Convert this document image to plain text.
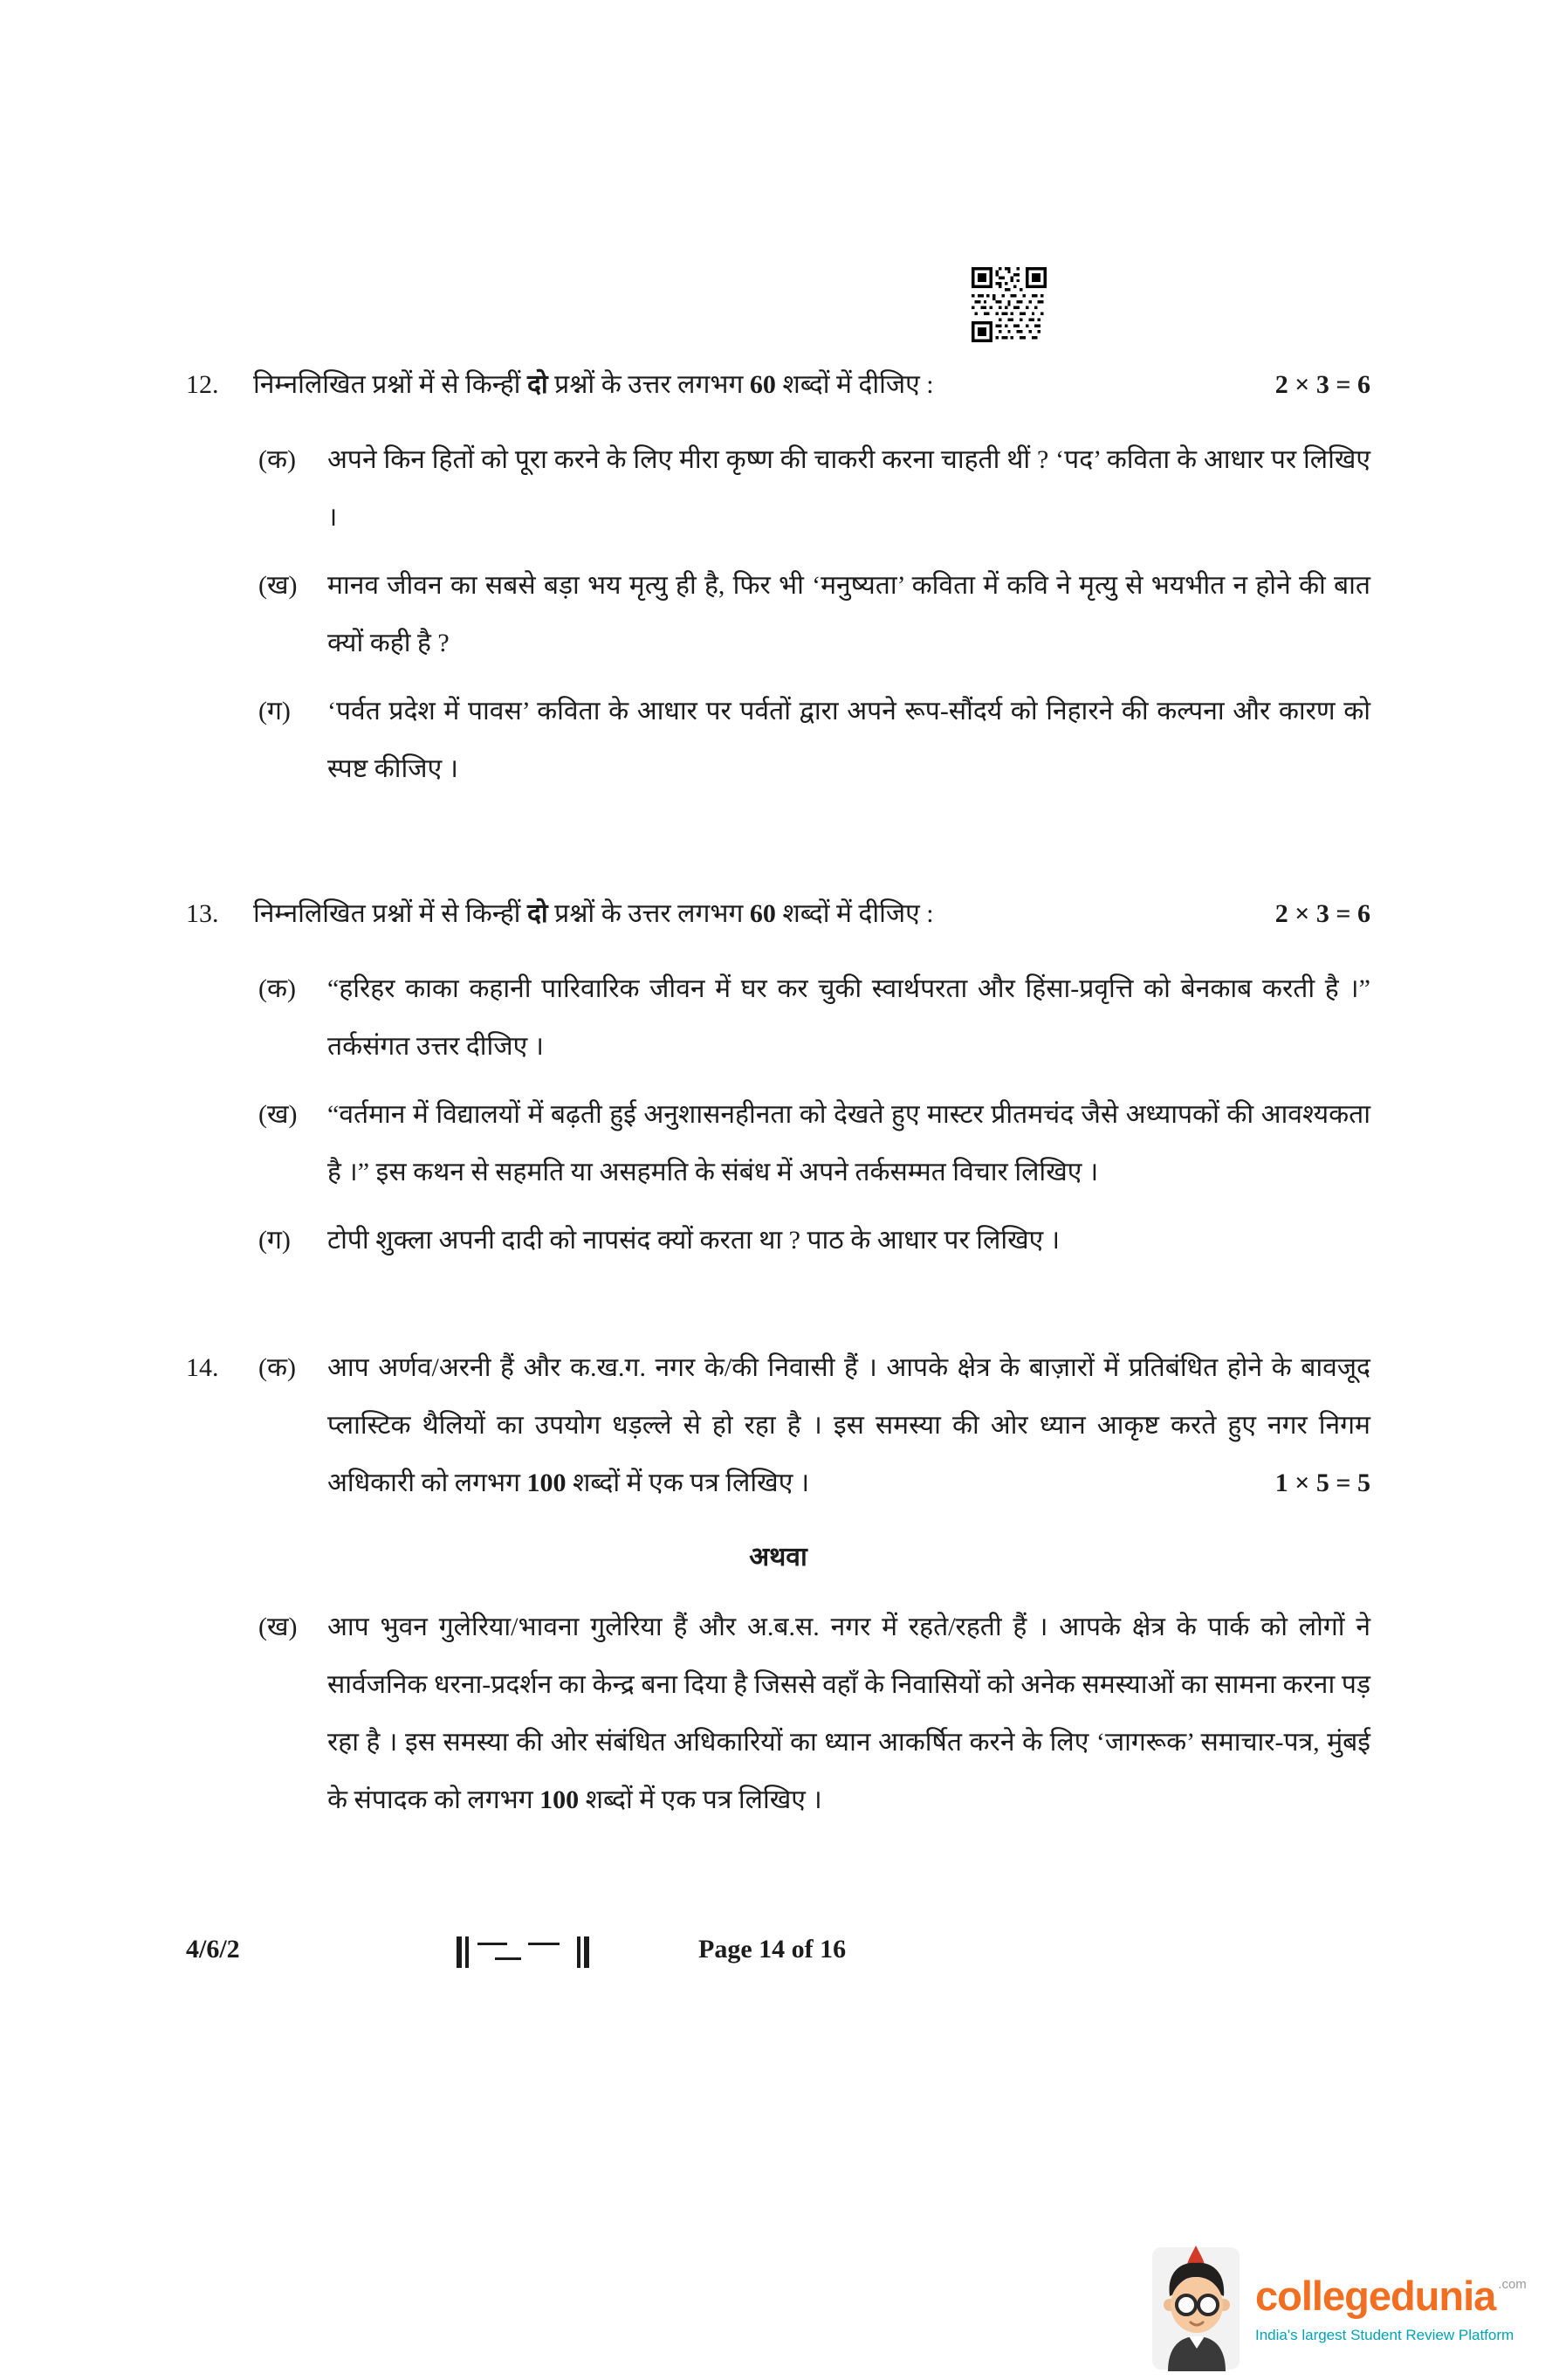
12.	निम्नलिखित प्रश्नों में से किन्हीं दो प्रश्नों के उत्तर लगभग 60 शब्दों में दीजिए :	2 × 3 = 6
(क)	अपने किन हितों को पूरा करने के लिए मीरा कृष्ण की चाकरी करना चाहती थीं ? ‘पद’ कविता के आधार पर लिखिए ।
(ख)	मानव जीवन का सबसे बड़ा भय मृत्यु ही है, फिर भी ‘मनुष्यता’ कविता में कवि ने मृत्यु से भयभीत न होने की बात क्यों कही है ?
(ग)	‘पर्वत प्रदेश में पावस’ कविता के आधार पर पर्वतों द्वारा अपने रूप-सौंदर्य को निहारने की कल्पना और कारण को स्पष्ट कीजिए ।
13.	निम्नलिखित प्रश्नों में से किन्हीं दो प्रश्नों के उत्तर लगभग 60 शब्दों में दीजिए :	2 × 3 = 6
(क)	“हरिहर काका कहानी पारिवारिक जीवन में घर कर चुकी स्वार्थपरता और हिंसा-प्रवृत्ति को बेनकाब करती है ।” तर्कसंगत उत्तर दीजिए ।
(ख)	“वर्तमान में विद्यालयों में बढ़ती हुई अनुशासनहीनता को देखते हुए मास्टर प्रीतमचंद जैसे अध्यापकों की आवश्यकता है ।” इस कथन से सहमति या असहमति के संबंध में अपने तर्कसम्मत विचार लिखिए ।
(ग)	टोपी शुक्ला अपनी दादी को नापसंद क्यों करता था ? पाठ के आधार पर लिखिए ।
14.	(क)	आप अर्णव/अरनी हैं और क.ख.ग. नगर के/की निवासी हैं । आपके क्षेत्र के बाज़ारों में प्रतिबंधित होने के बावजूद प्लास्टिक थैलियों का उपयोग धड़ल्ले से हो रहा है । इस समस्या की ओर ध्यान आकृष्ट करते हुए नगर निगम अधिकारी को लगभग 100 शब्दों में एक पत्र लिखिए ।	1 × 5 = 5
अथवा
(ख)	आप भुवन गुलेरिया/भावना गुलेरिया हैं और अ.ब.स. नगर में रहते/रहती हैं । आपके क्षेत्र के पार्क को लोगों ने सार्वजनिक धरना-प्रदर्शन का केन्द्र बना दिया है जिससे वहाँ के निवासियों को अनेक समस्याओं का सामना करना पड़ रहा है । इस समस्या की ओर संबंधित अधिकारियों का ध्यान आकर्षित करने के लिए ‘जागरूक’ समाचार-पत्र, मुंबई के संपादक को लगभग 100 शब्दों में एक पत्र लिखिए ।
4/6/2	Page 14 of 16
collegedunia .com
India's largest Student Review Platform
